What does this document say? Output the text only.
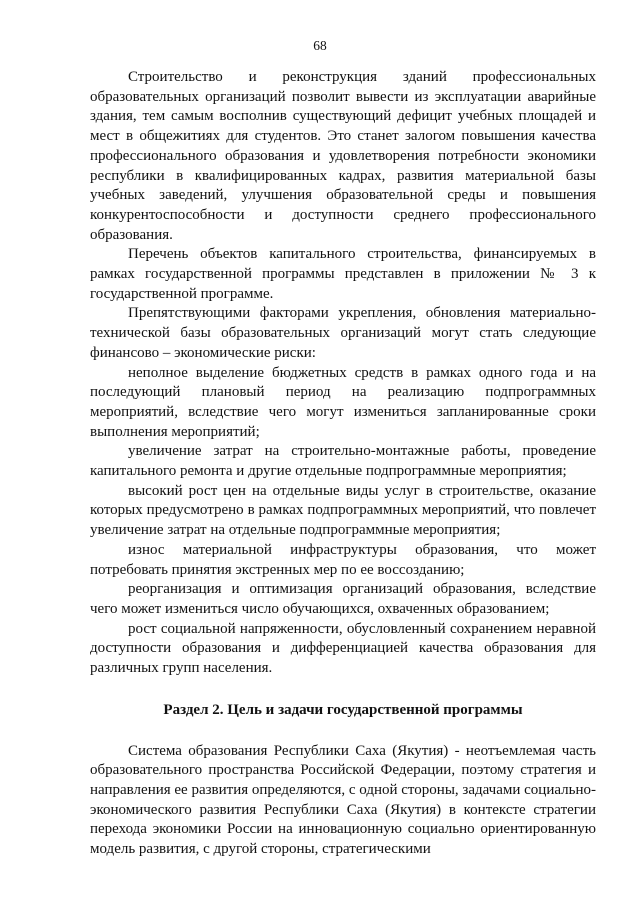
68

Строительство и реконструкция зданий профессиональных образовательных организаций позволит вывести из эксплуатации аварийные здания, тем самым восполнив существующий дефицит учебных площадей и мест в общежитиях для студентов. Это станет залогом повышения качества профессионального образования и удовлетворения потребности экономики республики в квалифицированных кадрах, развития материальной базы учебных заведений, улучшения образовательной среды и повышения конкурентоспособности и доступности среднего профессионального образования.

Перечень объектов капитального строительства, финансируемых в рамках государственной программы представлен в приложении № 3 к государственной программе.

Препятствующими факторами укрепления, обновления материально-технической базы образовательных организаций могут стать следующие финансово – экономические риски:

неполное выделение бюджетных средств в рамках одного года и на последующий плановый период на реализацию подпрограммных мероприятий, вследствие чего могут измениться запланированные сроки выполнения мероприятий;

увеличение затрат на строительно-монтажные работы, проведение капитального ремонта и другие отдельные подпрограммные мероприятия;

высокий рост цен на отдельные виды услуг в строительстве, оказание которых предусмотрено в рамках подпрограммных мероприятий, что повлечет увеличение затрат на отдельные подпрограммные мероприятия;

износ материальной инфраструктуры образования, что может потребовать принятия экстренных мер по ее воссозданию;

реорганизация и оптимизация организаций образования, вследствие чего может измениться число обучающихся, охваченных образованием;

рост социальной напряженности, обусловленный сохранением неравной доступности образования и дифференциацией качества образования для различных групп населения.

Раздел 2. Цель и задачи государственной программы

Система образования Республики Саха (Якутия) - неотъемлемая часть образовательного пространства Российской Федерации, поэтому стратегия и направления ее развития определяются, с одной стороны, задачами социально-экономического развития Республики Саха (Якутия) в контексте стратегии перехода экономики России на инновационную социально ориентированную модель развития, с другой стороны, стратегическими
